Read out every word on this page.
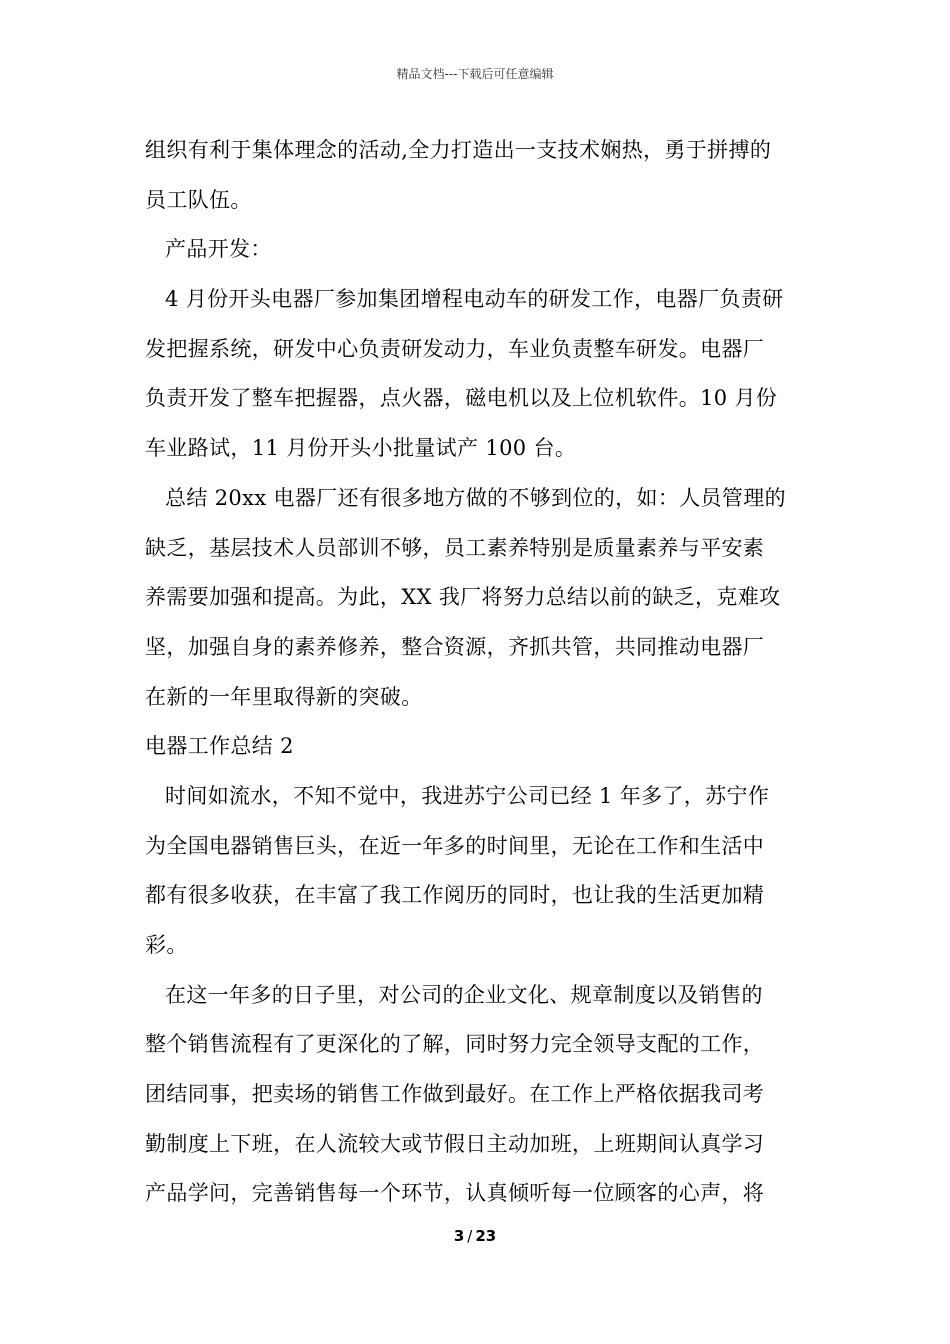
精品文档---下载后可任意编辑
组织有利于集体理念的活动,全力打造出一支技术娴热，勇于拼搏的
员工队伍。
产品开发：
4 月份开头电器厂参加集团增程电动车的研发工作，电器厂负责研
发把握系统，研发中心负责研发动力，车业负责整车研发。电器厂
负责开发了整车把握器，点火器，磁电机以及上位机软件。10 月份
车业路试，11 月份开头小批量试产 100 台。
总结 20xx 电器厂还有很多地方做的不够到位的，如：人员管理的
缺乏，基层技术人员部训不够，员工素养特别是质量素养与平安素
养需要加强和提高。为此，XX 我厂将努力总结以前的缺乏，克难攻
坚，加强自身的素养修养，整合资源，齐抓共管，共同推动电器厂
在新的一年里取得新的突破。
电器工作总结 2
时间如流水，不知不觉中，我进苏宁公司已经 1 年多了，苏宁作
为全国电器销售巨头，在近一年多的时间里，无论在工作和生活中
都有很多收获，在丰富了我工作阅历的同时，也让我的生活更加精
彩。
在这一年多的日子里，对公司的企业文化、规章制度以及销售的
整个销售流程有了更深化的了解，同时努力完全领导支配的工作，
团结同事，把卖场的销售工作做到最好。在工作上严格依据我司考
勤制度上下班，在人流较大或节假日主动加班，上班期间认真学习
产品学问，完善销售每一个环节，认真倾听每一位顾客的心声，将
3 / 23
